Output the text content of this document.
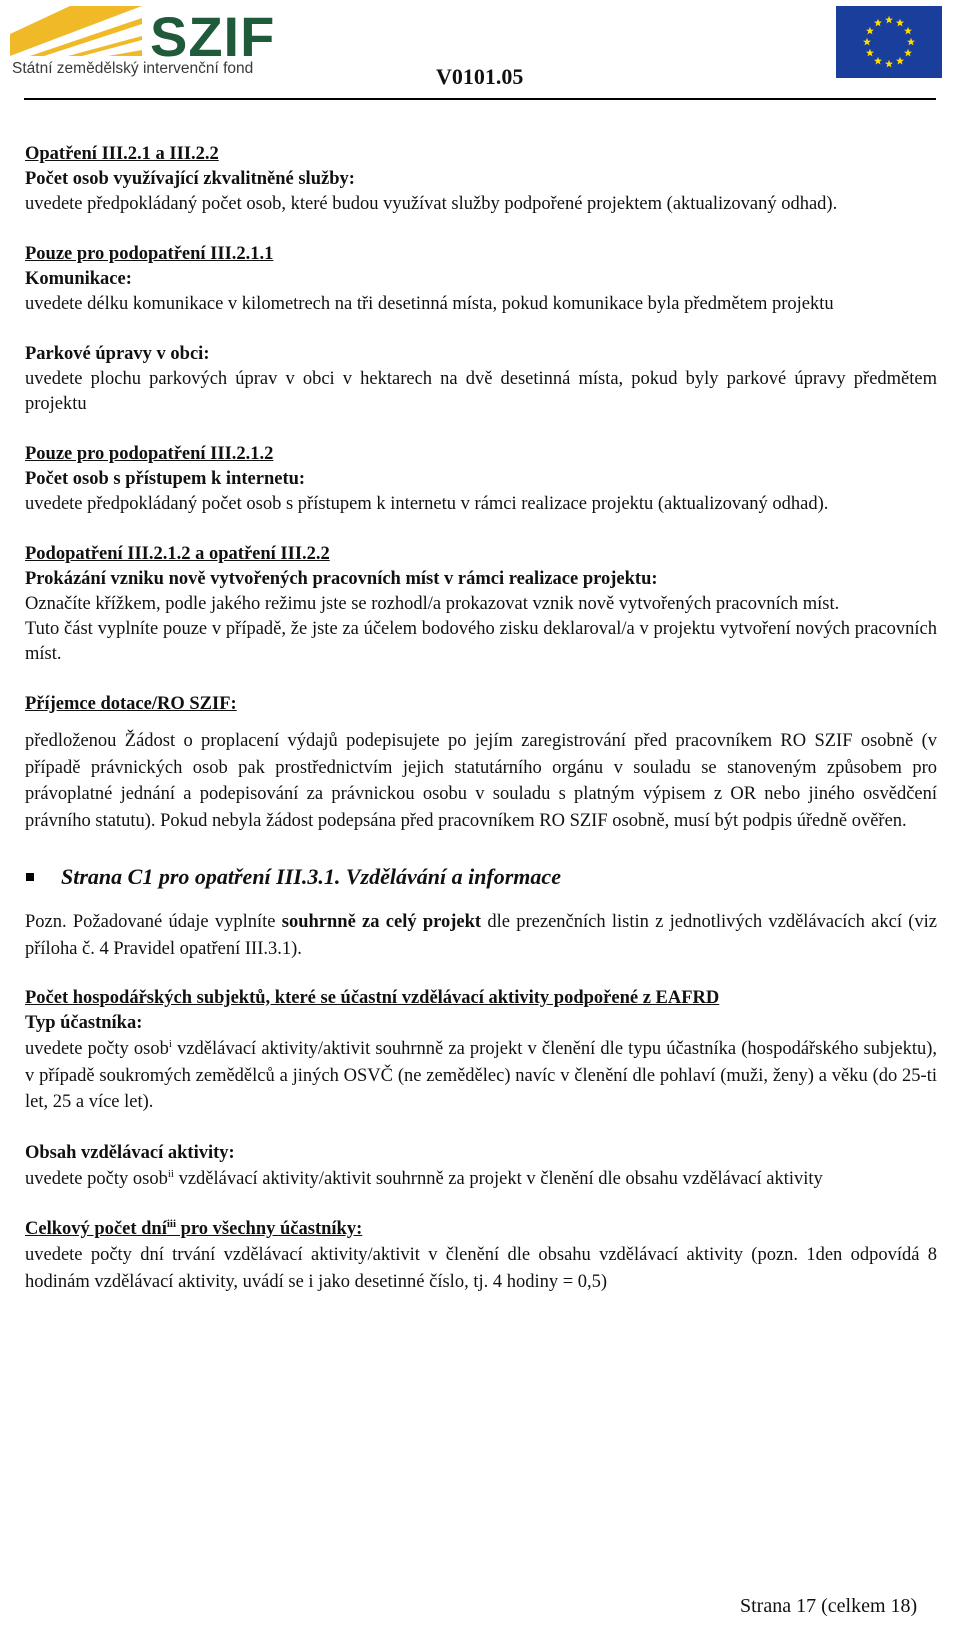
SZIF
Státní zemědělský intervenční fond	V0101.05
Opatření III.2.1 a III.2.2
Počet osob využívající zkvalitněné služby:

uvedete předpokládaný počet osob, které budou využívat služby podpořené projektem (aktualizovaný odhad).

Pouze pro podopatření III.2.1.1
Komunikace:

uvedete délku komunikace v kilometrech na tři desetinná místa, pokud komunikace byla předmětem projektu

Parkové úpravy v obci:

uvedete plochu parkových úprav v obci v hektarech na dvě desetinná místa, pokud byly parkové úpravy předmětem projektu

Pouze pro podopatření III.2.1.2
Počet osob s přístupem k internetu:

uvedete předpokládaný počet osob s přístupem k internetu v rámci realizace projektu (aktualizovaný odhad).

Podopatření III.2.1.2 a opatření III.2.2
Prokázání vzniku nově vytvořených pracovních míst v rámci realizace projektu:

Označíte křížkem, podle jakého režimu jste se rozhodl/a prokazovat vznik nově vytvořených pracovních míst.

Tuto část vyplníte pouze v případě, že jste za účelem bodového zisku deklaroval/a v projektu vytvoření nových pracovních míst.

Příjemce dotace/RO SZIF:

předloženou Žádost o proplacení výdajů podepisujete po jejím zaregistrování před pracovníkem RO SZIF osobně (v případě právnických osob pak prostřednictvím jejich statutárního orgánu v souladu se stanoveným způsobem pro právoplatné jednání a podepisování za právnickou osobu v souladu s platným výpisem z OR nebo jiného osvědčení právního statutu). Pokud nebyla žádost podepsána před pracovníkem RO SZIF osobně, musí být podpis úředně ověřen.

Strana C1 pro opatření III.3.1. Vzdělávání a informace

Pozn. Požadované údaje vyplníte souhrnně za celý projekt dle prezenčních listin z jednotlivých vzdělávacích akcí (viz příloha č. 4 Pravidel opatření III.3.1).

Počet hospodářských subjektů, které se účastní vzdělávací aktivity podpořené z EAFRD
Typ účastníka:

uvedete počty osob$^i$ vzdělávací aktivity/aktivit souhrnně za projekt v členění dle typu účastníka (hospodářského subjektu), v případě soukromých zemědělců a jiných OSVČ (ne zemědělec) navíc v členění dle pohlaví (muži, ženy) a věku (do 25-ti let, 25 a více let).

Obsah vzdělávací aktivity:

uvedete počty osob$^{ii}$ vzdělávací aktivity/aktivit souhrnně za projekt v členění dle obsahu vzdělávací aktivity

Celkový počet dní$^{iii}$ pro všechny účastníky:

uvedete počty dní trvání vzdělávací aktivity/aktivit v členění dle obsahu vzdělávací aktivity (pozn. 1den odpovídá 8 hodinám vzdělávací aktivity, uvádí se i jako desetinné číslo, tj. 4 hodiny = 0,5)

Strana 17 (celkem 18)
